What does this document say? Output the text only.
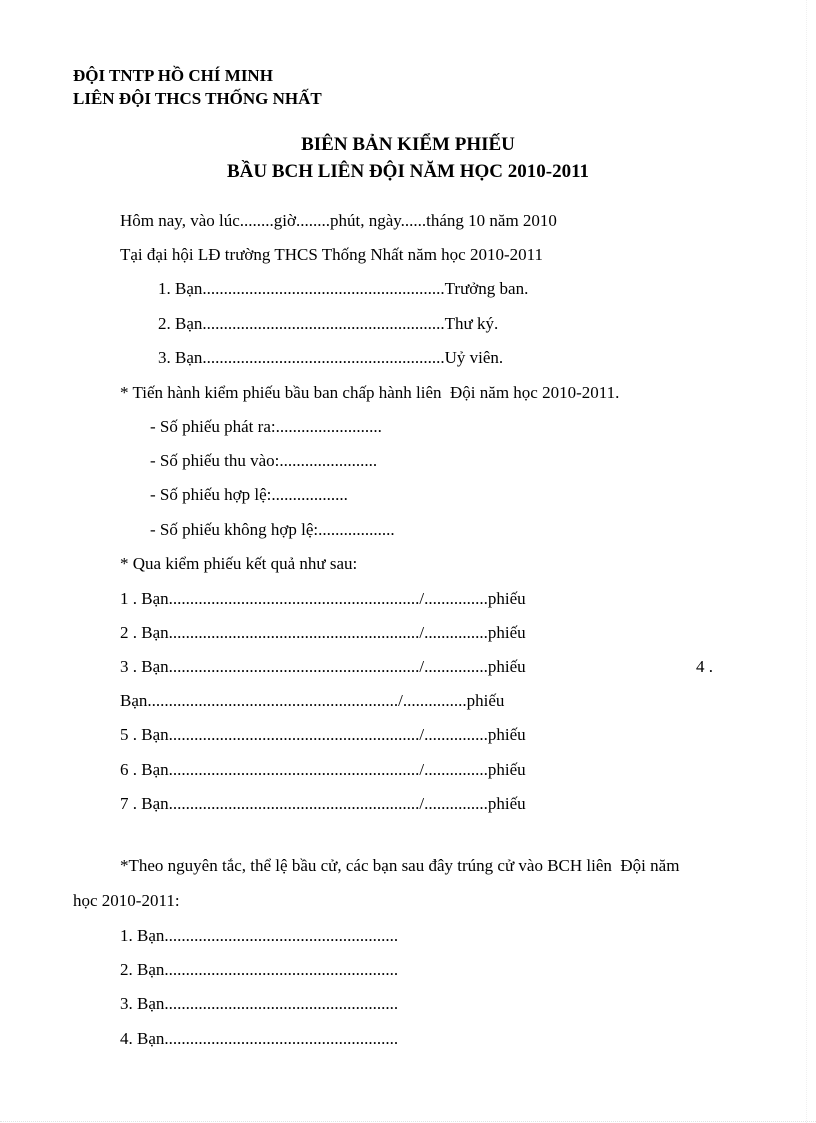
ĐỘI TNTP HỒ CHÍ MINH
LIÊN ĐỘI THCS THỐNG NHẤT
BIÊN BẢN KIỂM PHIẾU
BẦU BCH LIÊN ĐỘI NĂM HỌC 2010-2011
Hôm nay, vào lúc........giờ........phút, ngày......tháng 10 năm 2010
Tại đại hội LĐ trường THCS Thống Nhất năm học 2010-2011
1. Bạn.........................................................Trưởng ban.
2. Bạn.........................................................Thư ký.
3. Bạn.........................................................Uỷ viên.
* Tiến hành kiểm phiếu bầu ban chấp hành liên  Đội năm học 2010-2011.
- Số phiếu phát ra:.........................
- Số phiếu thu vào:.......................
- Số phiếu hợp lệ:..................
- Số phiếu không hợp lệ:..................
* Qua kiểm phiếu kết quả như sau:
1 . Bạn.........................................................../...............phiếu
2 . Bạn.........................................................../...............phiếu
3 . Bạn.........................................................../...............phiếu	4 .
Bạn.........................................................../...............phiếu
5 . Bạn.........................................................../...............phiếu
6 . Bạn.........................................................../...............phiếu
7 . Bạn.........................................................../...............phiếu
*Theo nguyên tắc, thể lệ bầu cử, các bạn sau đây trúng cử vào BCH liên  Đội năm
học 2010-2011:
1. Bạn.......................................................
2. Bạn.......................................................
3. Bạn.......................................................
4. Bạn.......................................................
